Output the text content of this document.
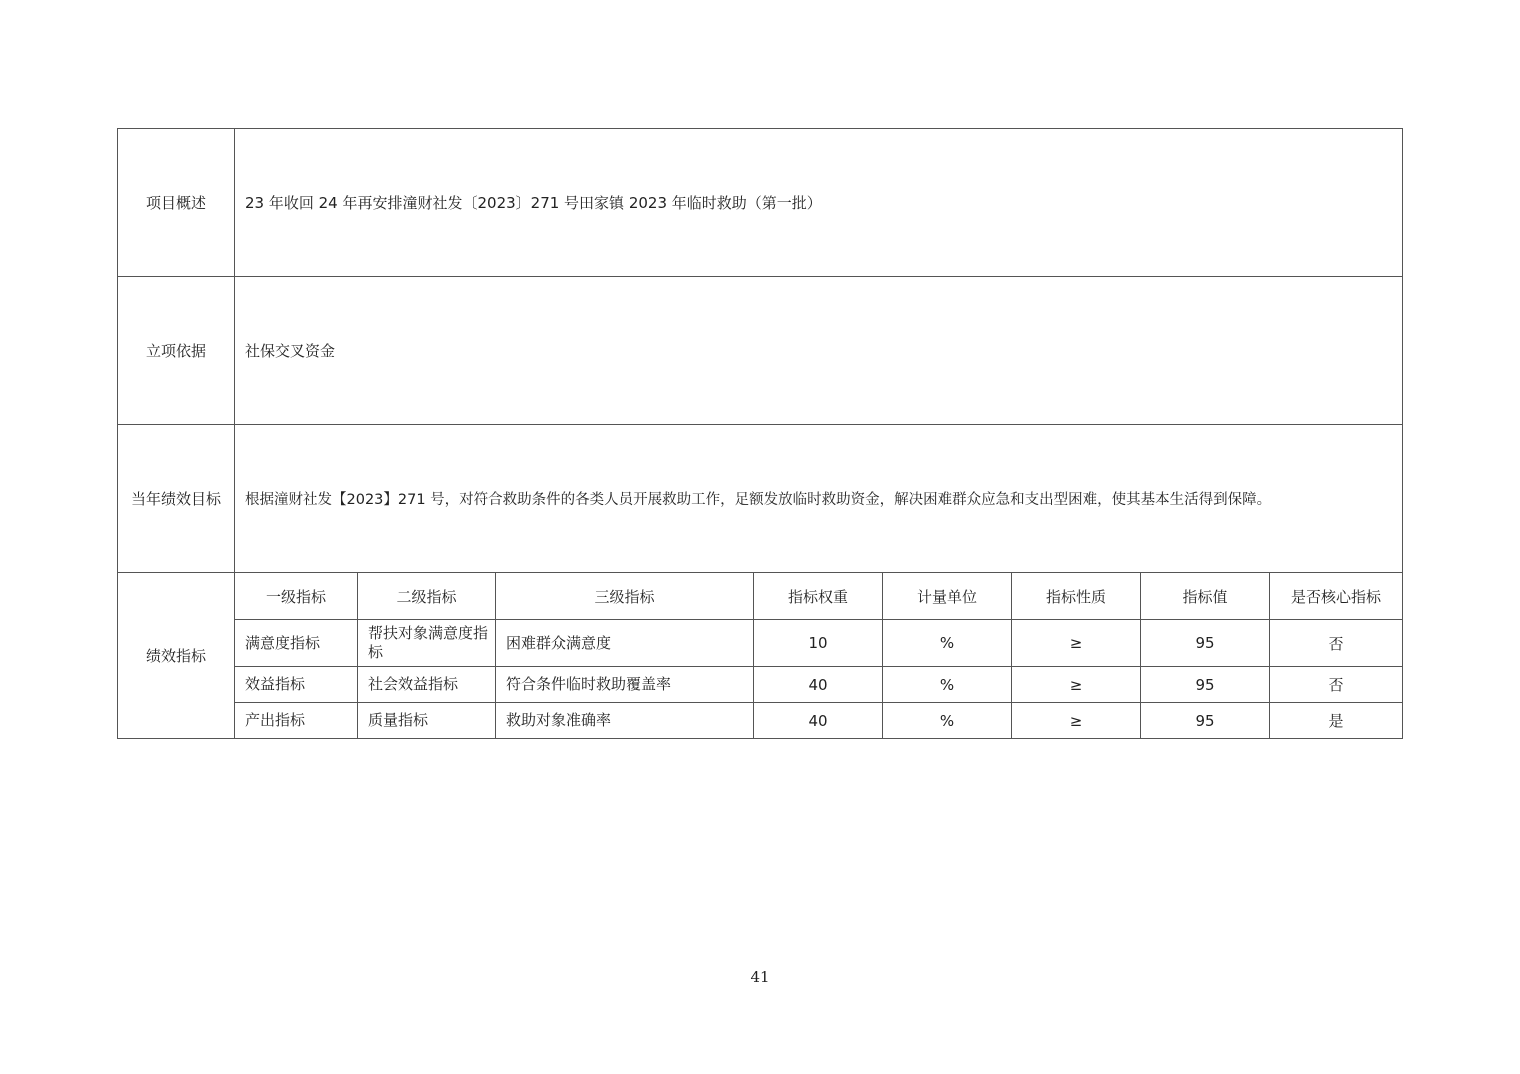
项目概述	23 年收回 24 年再安排潼财社发〔2023〕271 号田家镇 2023 年临时救助（第一批）							
立项依据	社保交叉资金							
当年绩效目标	根据潼财社发【2023】271 号，对符合救助条件的各类人员开展救助工作，足额发放临时救助资金，解决困难群众应急和支出型困难，使其基本生活得到保障。							
绩效指标	一级指标	二级指标	三级指标	指标权重	计量单位	指标性质	指标值	是否核心指标
	满意度指标	帮扶对象满意度指标	困难群众满意度	10	%	≥	95	否
	效益指标	社会效益指标	符合条件临时救助覆盖率	40	%	≥	95	否
	产出指标	质量指标	救助对象准确率	40	%	≥	95	是
41
